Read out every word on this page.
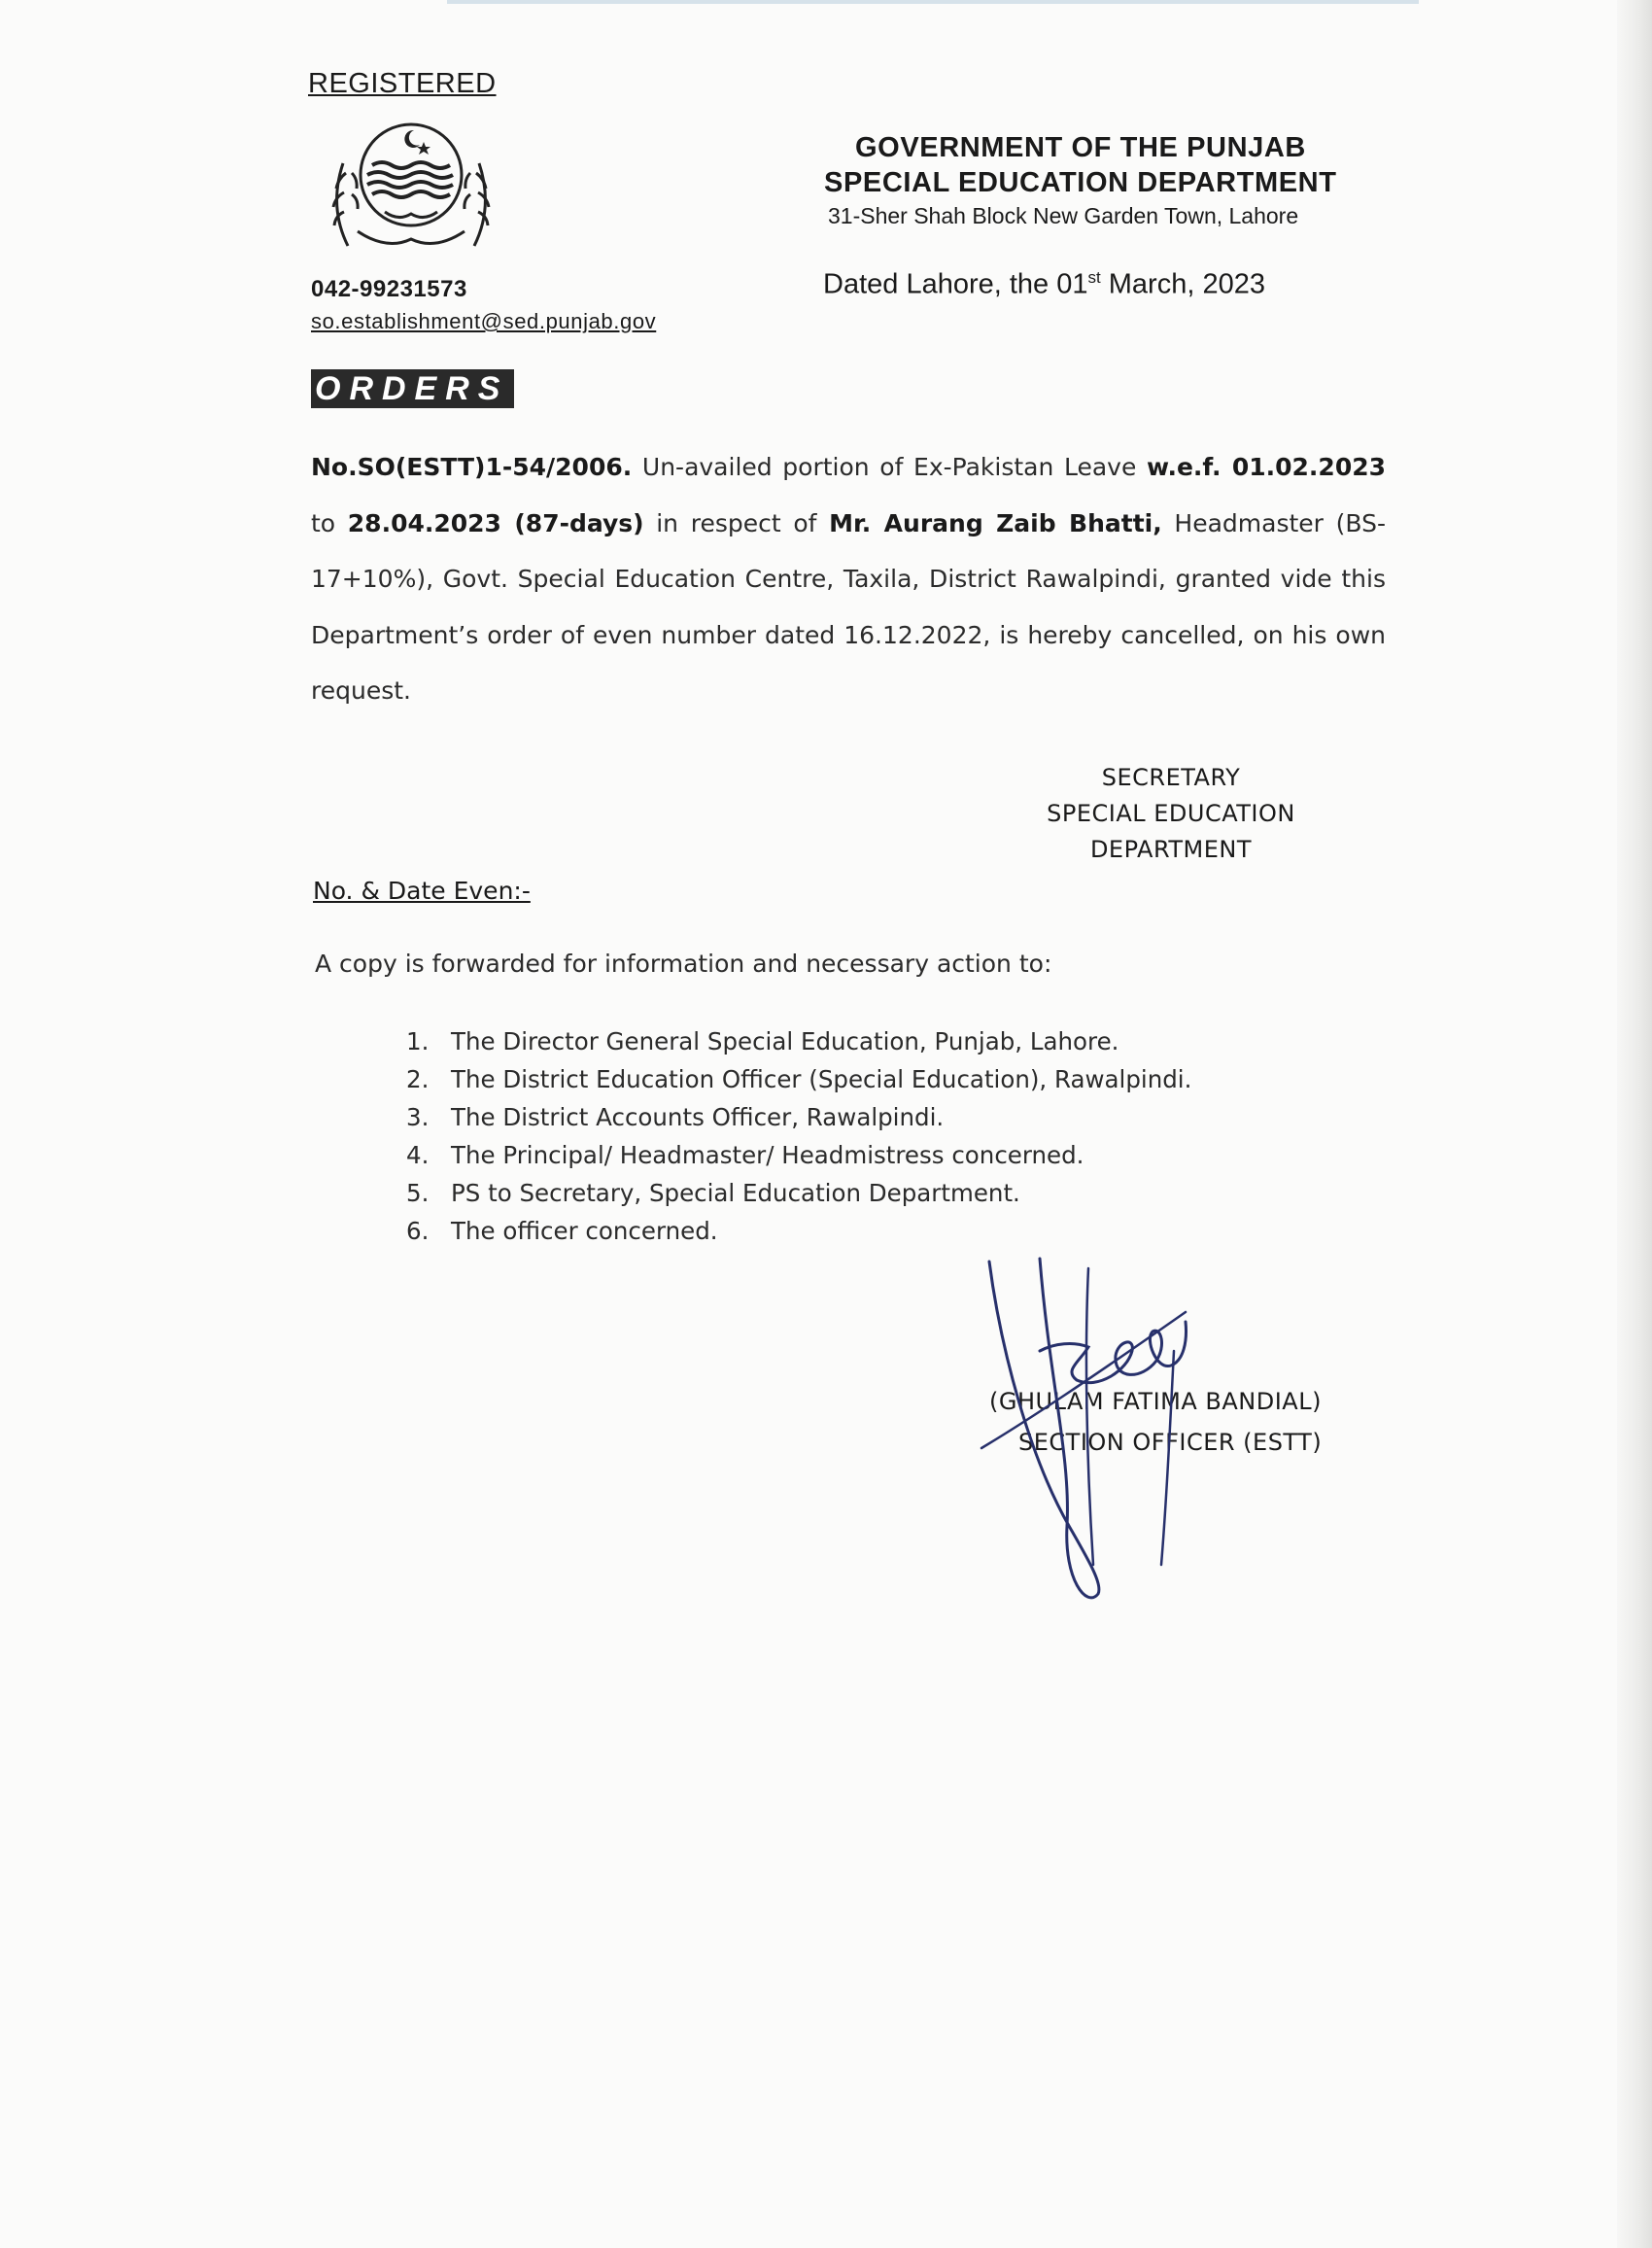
REGISTERED
042-99231573
so.establishment@sed.punjab.gov
GOVERNMENT OF THE PUNJAB
SPECIAL EDUCATION DEPARTMENT
31-Sher Shah Block New Garden Town, Lahore
Dated Lahore, the 01st March, 2023
ORDERS
No.SO(ESTT)1-54/2006. Un-availed portion of Ex-Pakistan Leave w.e.f. 01.02.2023 to 28.04.2023 (87-days) in respect of Mr. Aurang Zaib Bhatti, Headmaster (BS-17+10%), Govt. Special Education Centre, Taxila, District Rawalpindi, granted vide this Department’s order of even number dated 16.12.2022, is hereby cancelled, on his own request.
SECRETARY
SPECIAL EDUCATION
DEPARTMENT
No. & Date Even:-
A copy is forwarded for information and necessary action to:
1. The Director General Special Education, Punjab, Lahore.
2. The District Education Officer (Special Education), Rawalpindi.
3. The District Accounts Officer, Rawalpindi.
4. The Principal/ Headmaster/ Headmistress concerned.
5. PS to Secretary, Special Education Department.
6. The officer concerned.
(GHULAM FATIMA BANDIAL)
SECTION OFFICER (ESTT)
